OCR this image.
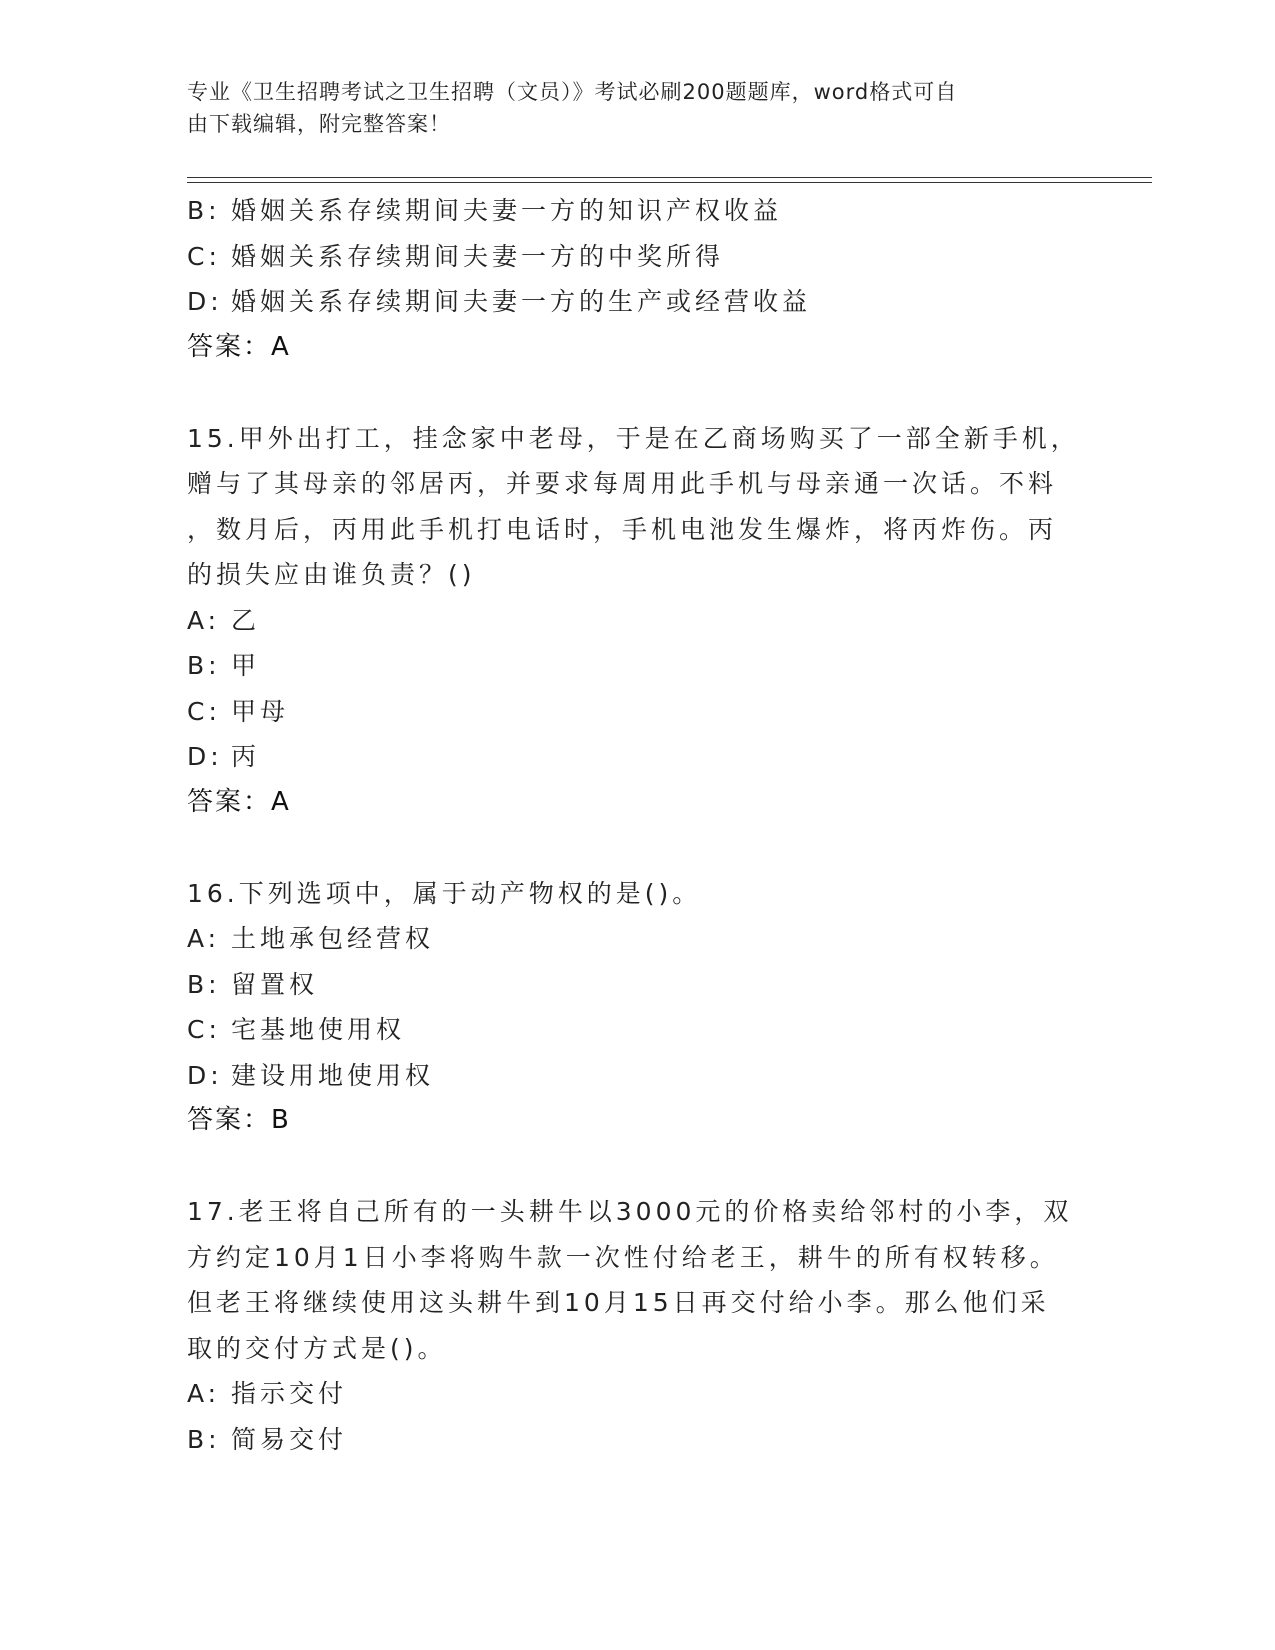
专业《卫生招聘考试之卫生招聘（文员）》考试必刷200题题库，word格式可自
由下载编辑，附完整答案！
B: 婚姻关系存续期间夫妻一方的知识产权收益
C: 婚姻关系存续期间夫妻一方的中奖所得
D: 婚姻关系存续期间夫妻一方的生产或经营收益
答案：A
15.甲外出打工，挂念家中老母，于是在乙商场购买了一部全新手机，
赠与了其母亲的邻居丙，并要求每周用此手机与母亲通一次话。不料
，数月后，丙用此手机打电话时，手机电池发生爆炸，将丙炸伤。丙
的损失应由谁负责？()
A: 乙
B: 甲
C: 甲母
D: 丙
答案：A
16.下列选项中，属于动产物权的是()。
A: 土地承包经营权
B: 留置权
C: 宅基地使用权
D: 建设用地使用权
答案：B
17.老王将自己所有的一头耕牛以3000元的价格卖给邻村的小李，双
方约定10月1日小李将购牛款一次性付给老王，耕牛的所有权转移。
但老王将继续使用这头耕牛到10月15日再交付给小李。那么他们采
取的交付方式是()。
A: 指示交付
B: 简易交付
